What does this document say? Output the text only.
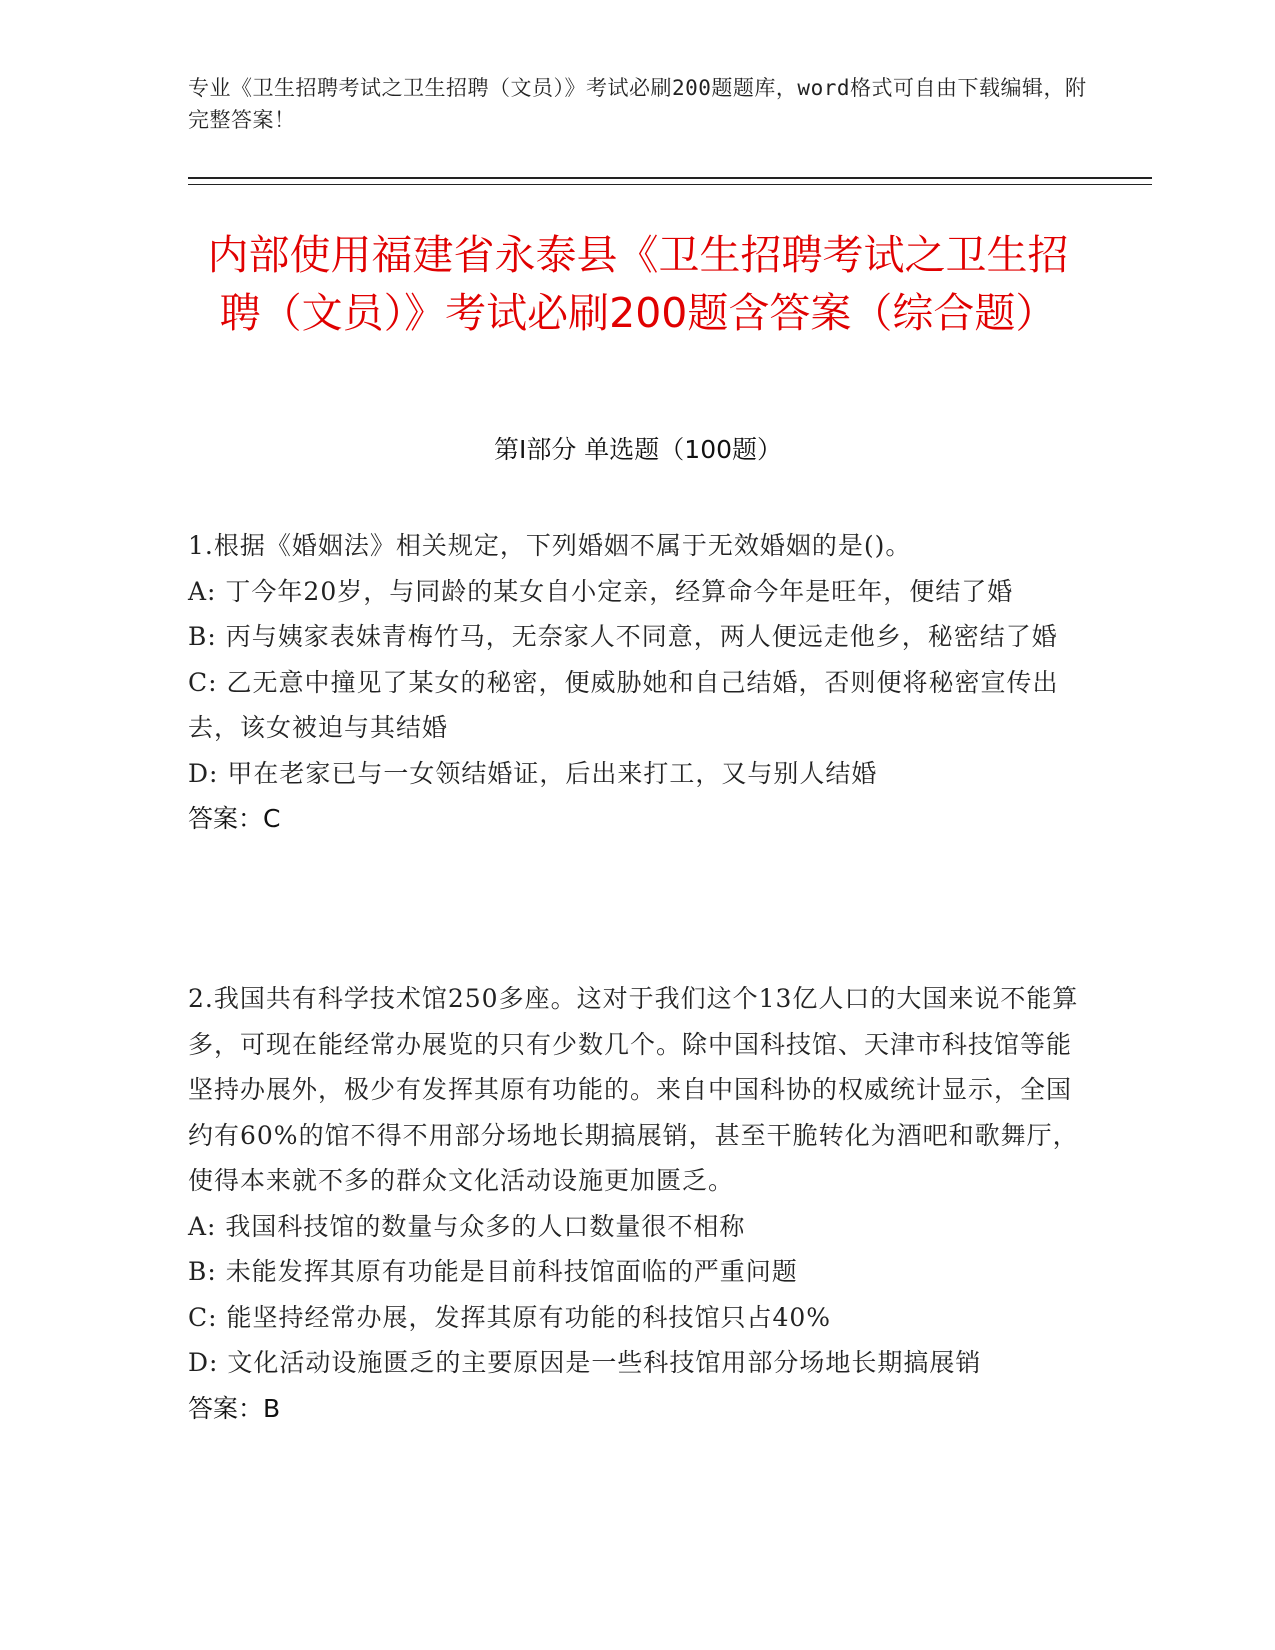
专业《卫生招聘考试之卫生招聘（文员）》考试必刷200题题库，word格式可自由下载编辑，附完整答案！
内部使用福建省永泰县《卫生招聘考试之卫生招聘（文员）》考试必刷200题含答案（综合题）
第I部分 单选题（100题）
1.根据《婚姻法》相关规定，下列婚姻不属于无效婚姻的是()。
A: 丁今年20岁，与同龄的某女自小定亲，经算命今年是旺年，便结了婚
B: 丙与姨家表妹青梅竹马，无奈家人不同意，两人便远走他乡，秘密结了婚
C: 乙无意中撞见了某女的秘密，便威胁她和自己结婚，否则便将秘密宣传出去，该女被迫与其结婚
D: 甲在老家已与一女领结婚证，后出来打工，又与别人结婚
答案：C
2.我国共有科学技术馆250多座。这对于我们这个13亿人口的大国来说不能算多，可现在能经常办展览的只有少数几个。除中国科技馆、天津市科技馆等能坚持办展外，极少有发挥其原有功能的。来自中国科协的权威统计显示，全国约有60%的馆不得不用部分场地长期搞展销，甚至干脆转化为酒吧和歌舞厅，使得本来就不多的群众文化活动设施更加匮乏。
A: 我国科技馆的数量与众多的人口数量很不相称
B: 未能发挥其原有功能是目前科技馆面临的严重问题
C: 能坚持经常办展，发挥其原有功能的科技馆只占40%
D: 文化活动设施匮乏的主要原因是一些科技馆用部分场地长期搞展销
答案：B
